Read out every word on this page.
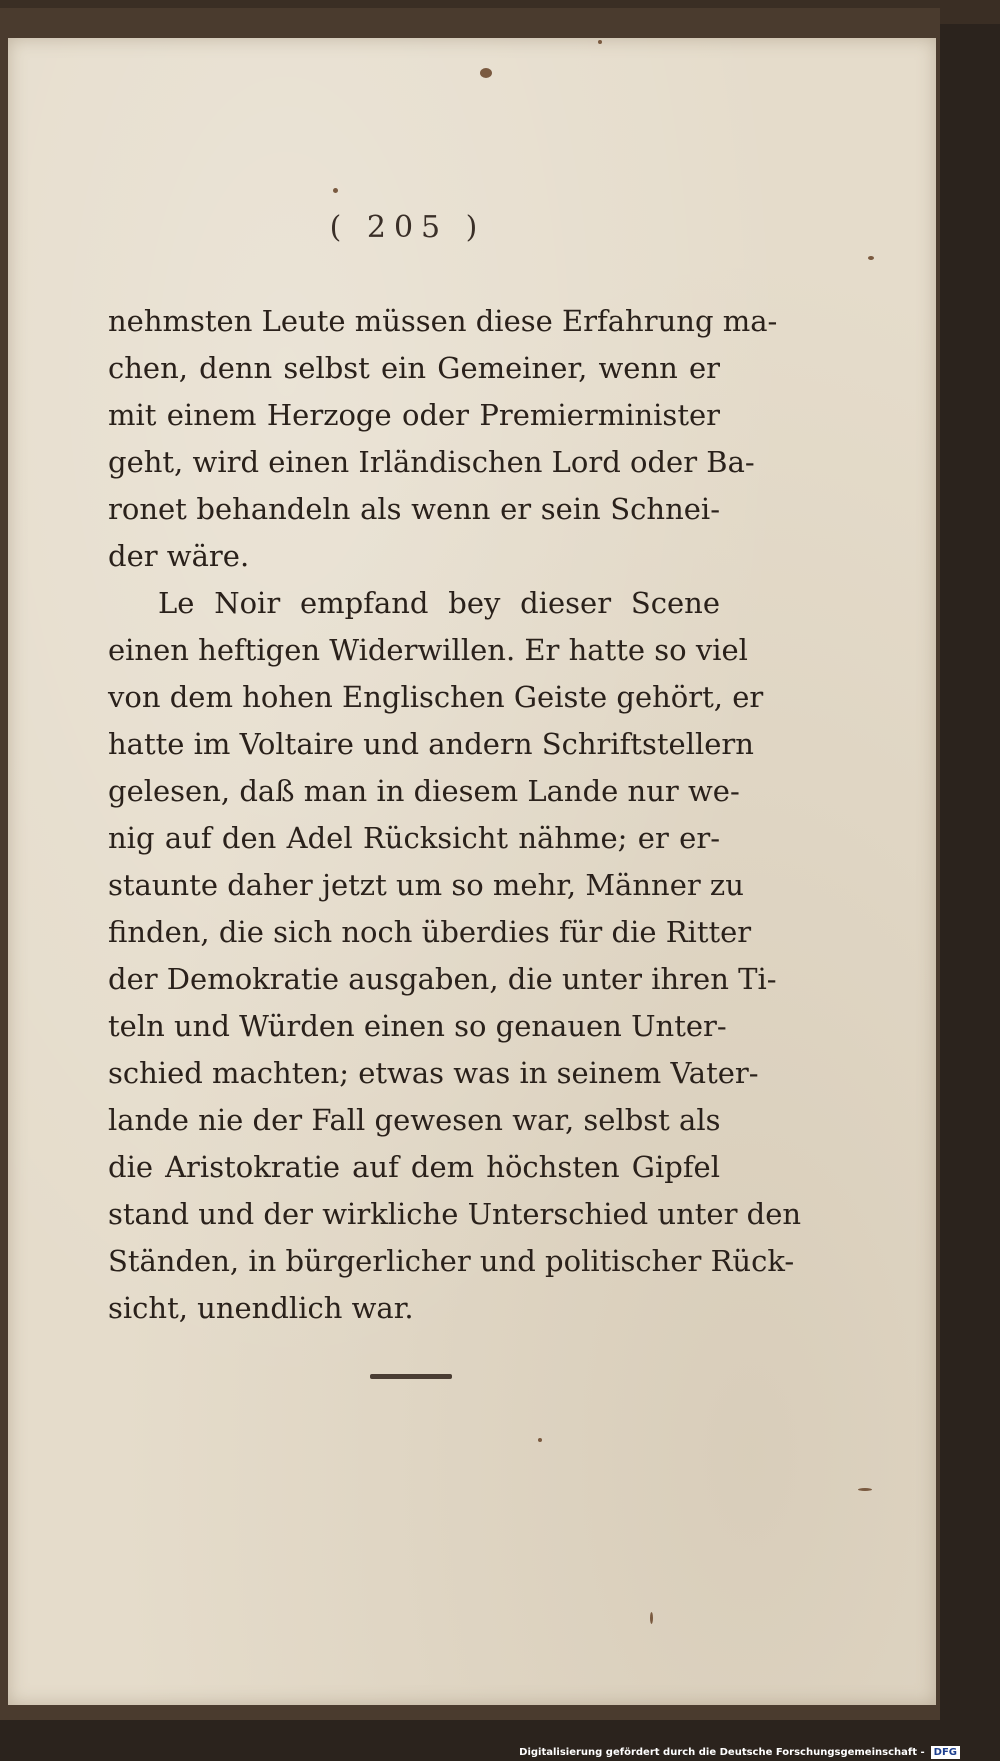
( 205 )
nehmsten Leute müssen diese Erfahrung ma-
chen, denn selbst ein Gemeiner, wenn er
mit einem Herzoge oder Premierminister
geht, wird einen Irländischen Lord oder Ba-
ronet behandeln als wenn er sein Schnei-
der wäre.
Le Noir empfand bey dieser Scene
einen heftigen Widerwillen. Er hatte so viel
von dem hohen Englischen Geiste gehört, er
hatte im Voltaire und andern Schriftstellern
gelesen, daß man in diesem Lande nur we-
nig auf den Adel Rücksicht nähme; er er-
staunte daher jetzt um so mehr, Männer zu
finden, die sich noch überdies für die Ritter
der Demokratie ausgaben, die unter ihren Ti-
teln und Würden einen so genauen Unter-
schied machten; etwas was in seinem Vater-
lande nie der Fall gewesen war, selbst als
die Aristokratie auf dem höchsten Gipfel
stand und der wirkliche Unterschied unter den
Ständen, in bürgerlicher und politischer Rück-
sicht, unendlich war.
Digitalisierung gefördert durch die Deutsche Forschungsgemeinschaft - DFG
